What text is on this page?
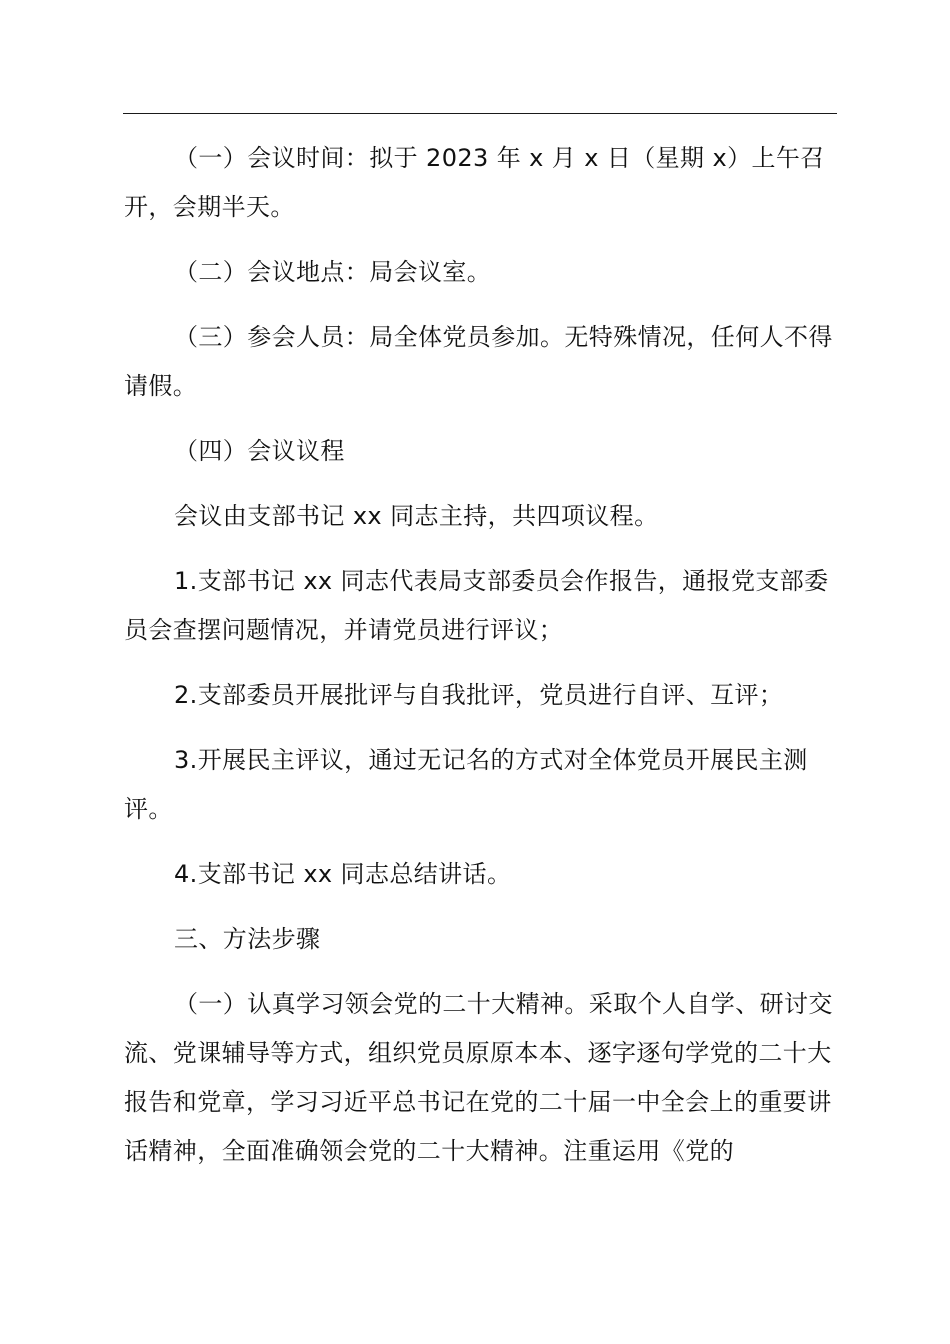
（一）会议时间：拟于 2023 年 x 月 x 日（星期 x）上午召开，会期半天。

（二）会议地点：局会议室。

（三）参会人员：局全体党员参加。无特殊情况，任何人不得请假。

（四）会议议程

会议由支部书记 xx 同志主持，共四项议程。

1.支部书记 xx 同志代表局支部委员会作报告，通报党支部委员会查摆问题情况，并请党员进行评议；

2.支部委员开展批评与自我批评，党员进行自评、互评；

3.开展民主评议，通过无记名的方式对全体党员开展民主测评。

4.支部书记 xx 同志总结讲话。

三、方法步骤

（一）认真学习领会党的二十大精神。采取个人自学、研讨交流、党课辅导等方式，组织党员原原本本、逐字逐句学党的二十大报告和党章，学习习近平总书记在党的二十届一中全会上的重要讲话精神，全面准确领会党的二十大精神。注重运用《党的
